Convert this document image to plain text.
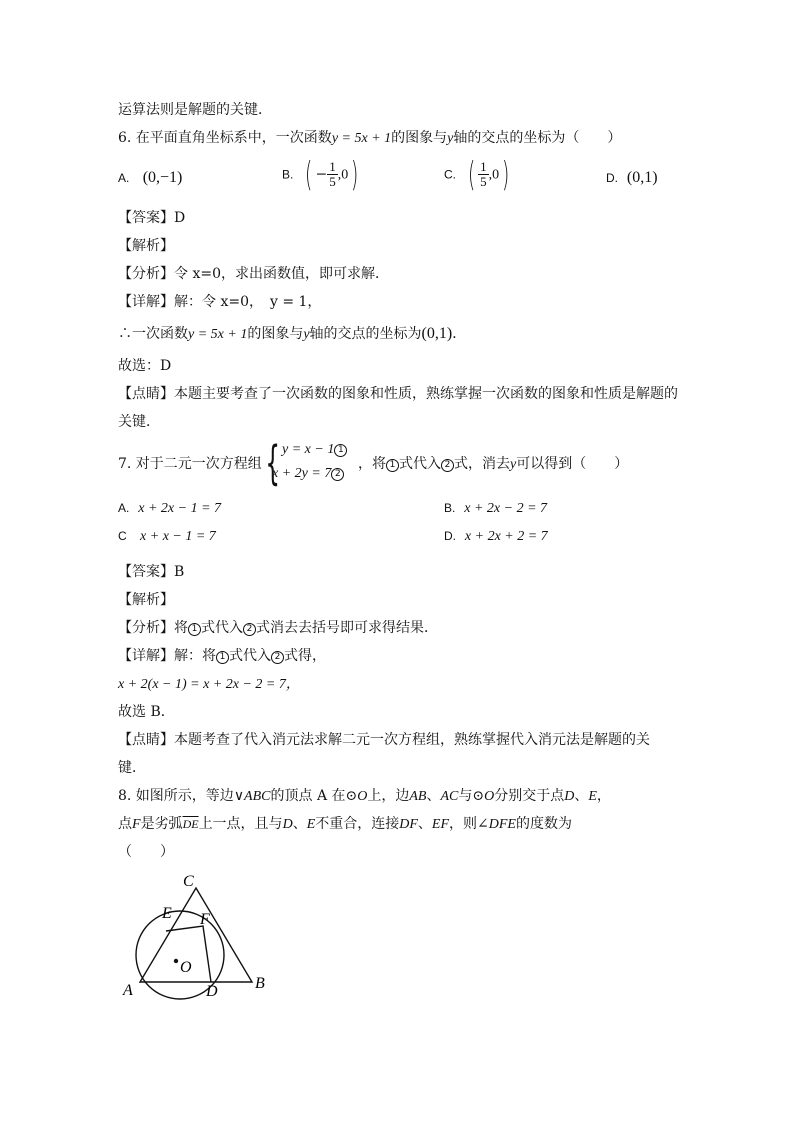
运算法则是解题的关键．
6. 在平面直角坐标系中，一次函数y = 5x + 1的图象与y轴的交点的坐标为（　　）
A. (0,−1)	B. ( − $\frac{1}{5} ,0$)	C. ( $\frac{1}{5} ,0$)	D. (0,1)
【答案】D
【解析】
【分析】令 x=0，求出函数值，即可求解．
【详解】解：令 x=0，　y = 1，
∴一次函数y = 5x + 1的图象与y轴的交点的坐标为(0,1)．
故选：D
【点睛】本题主要考查了一次函数的图象和性质，熟练掌握一次函数的图象和性质是解题的
关键．
7. 对于二元一次方程组 { y = x − 1 1
x + 2y = 7 2
，将 1 式代入 2 式，消去y可以得到（　　）
A. x + 2x − 1 = 7	B. x + 2x − 2 = 7
C x + x − 1 = 7	D. x + 2x + 2 = 7
【答案】B
【解析】
【分析】将 1 式代入 2 式消去去括号即可求得结果．
【详解】解：将 1 式代入 2 式得，
x + 2(x − 1) = x + 2x − 2 = 7，
故选 B．
【点睛】本题考查了代入消元法求解二元一次方程组，熟练掌握代入消元法是解题的关
键．
8. 如图所示，等边∨ABC的顶点 A 在⊙O上，边AB、AC与⊙O分别交于点D、E，
点F是劣弧$\overline{DE}$上一点，且与D、E不重合，连接DF、EF，则∠DFE的度数为
（　　）
A	B
C
D
E F
O
